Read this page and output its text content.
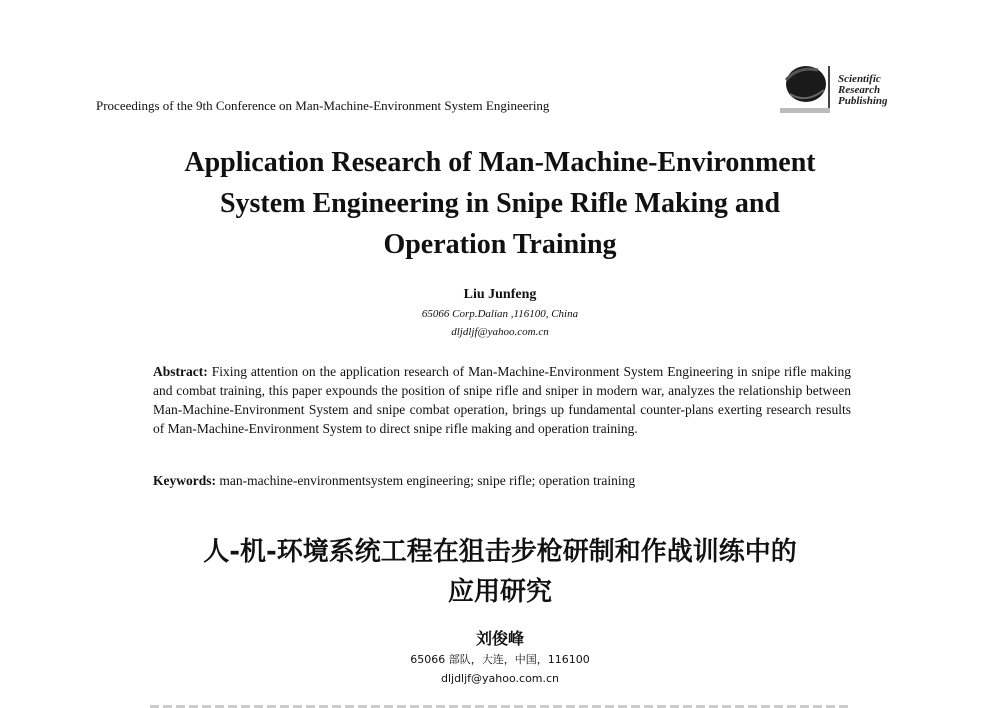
Proceedings of the 9th Conference on Man-Machine-Environment System Engineering
Scientific
Research
Publishing
Application Research of Man-Machine-Environment
System Engineering in Snipe Rifle Making and
Operation Training
Liu Junfeng
65066 Corp.Dalian ,116100, China
dljdljf@yahoo.com.cn

Abstract: Fixing attention on the application research of Man-Machine-Environment System Engineering in snipe rifle making and combat training, this paper expounds the position of snipe rifle and sniper in modern war, analyzes the relationship between Man-Machine-Environment System and snipe combat operation, brings up fundamental counter-plans exerting research results of Man-Machine-Environment System to direct snipe rifle making and operation training.

Keywords: man-machine-environmentsystem engineering; snipe rifle; operation training

人-机-环境系统工程在狙击步枪研制和作战训练中的
应用研究
刘俊峰
65066 部队，大连，中国，116100
dljdljf@yahoo.com.cn
